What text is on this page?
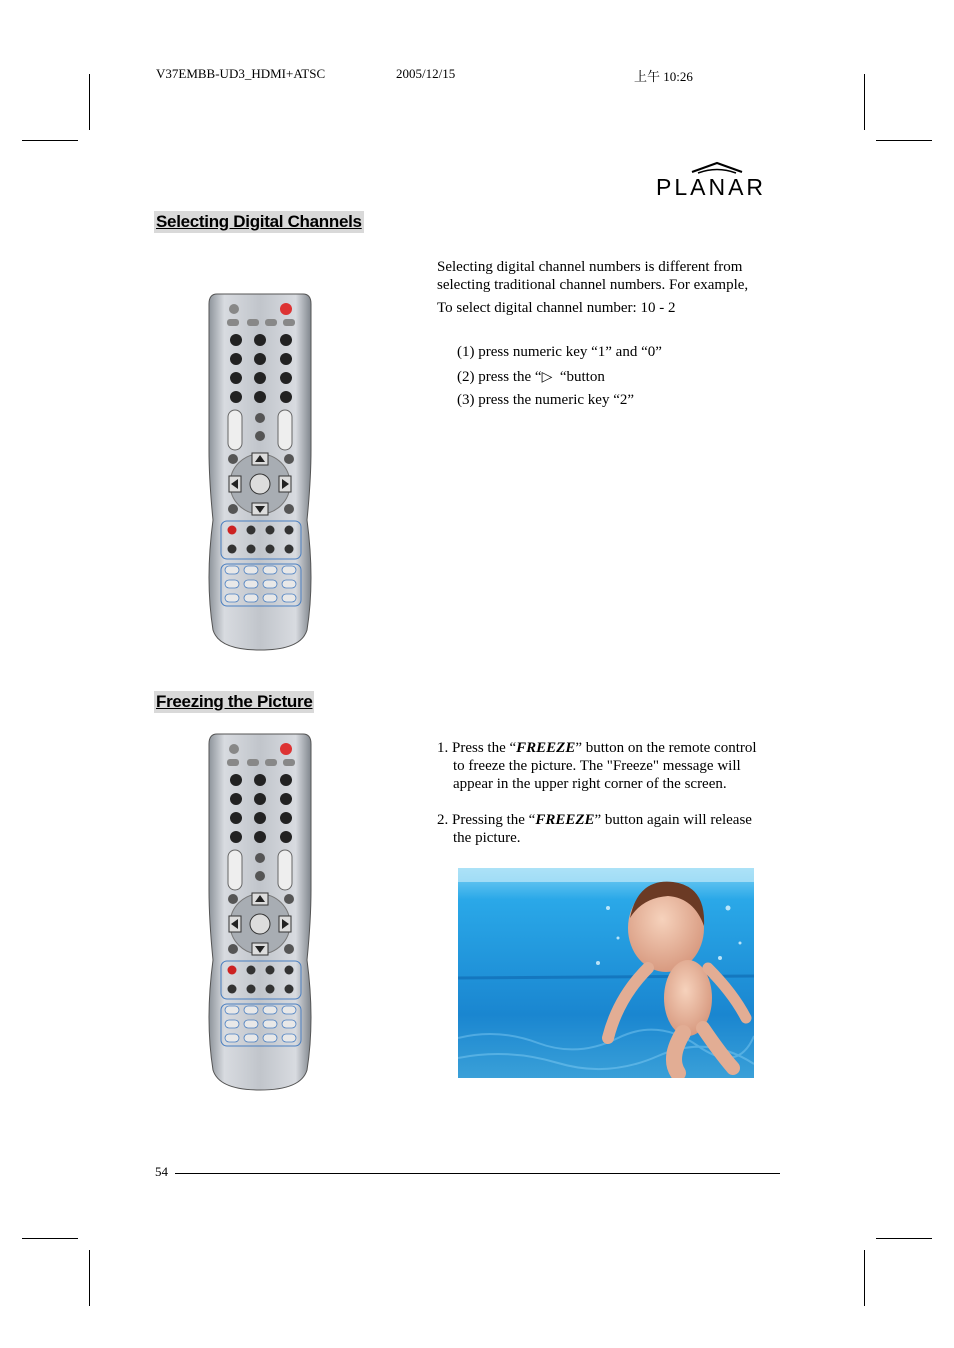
V37EMBB-UD3_HDMI+ATSC	2005/12/15	上午 10:26
PLANAR
Selecting Digital Channels
Selecting digital channel numbers is different from
selecting traditional channel numbers. For example,
To select digital channel number: 10 - 2
(1) press numeric key “1” and “0”
(2) press the “▷ “button
(3) press the numeric key “2”
Freezing the Picture
1. Press the “FREEZE” button on the remote control
to freeze the picture. The "Freeze" message will
appear in the upper right corner of the screen.
2. Pressing the “FREEZE” button again will release
the picture.
54
